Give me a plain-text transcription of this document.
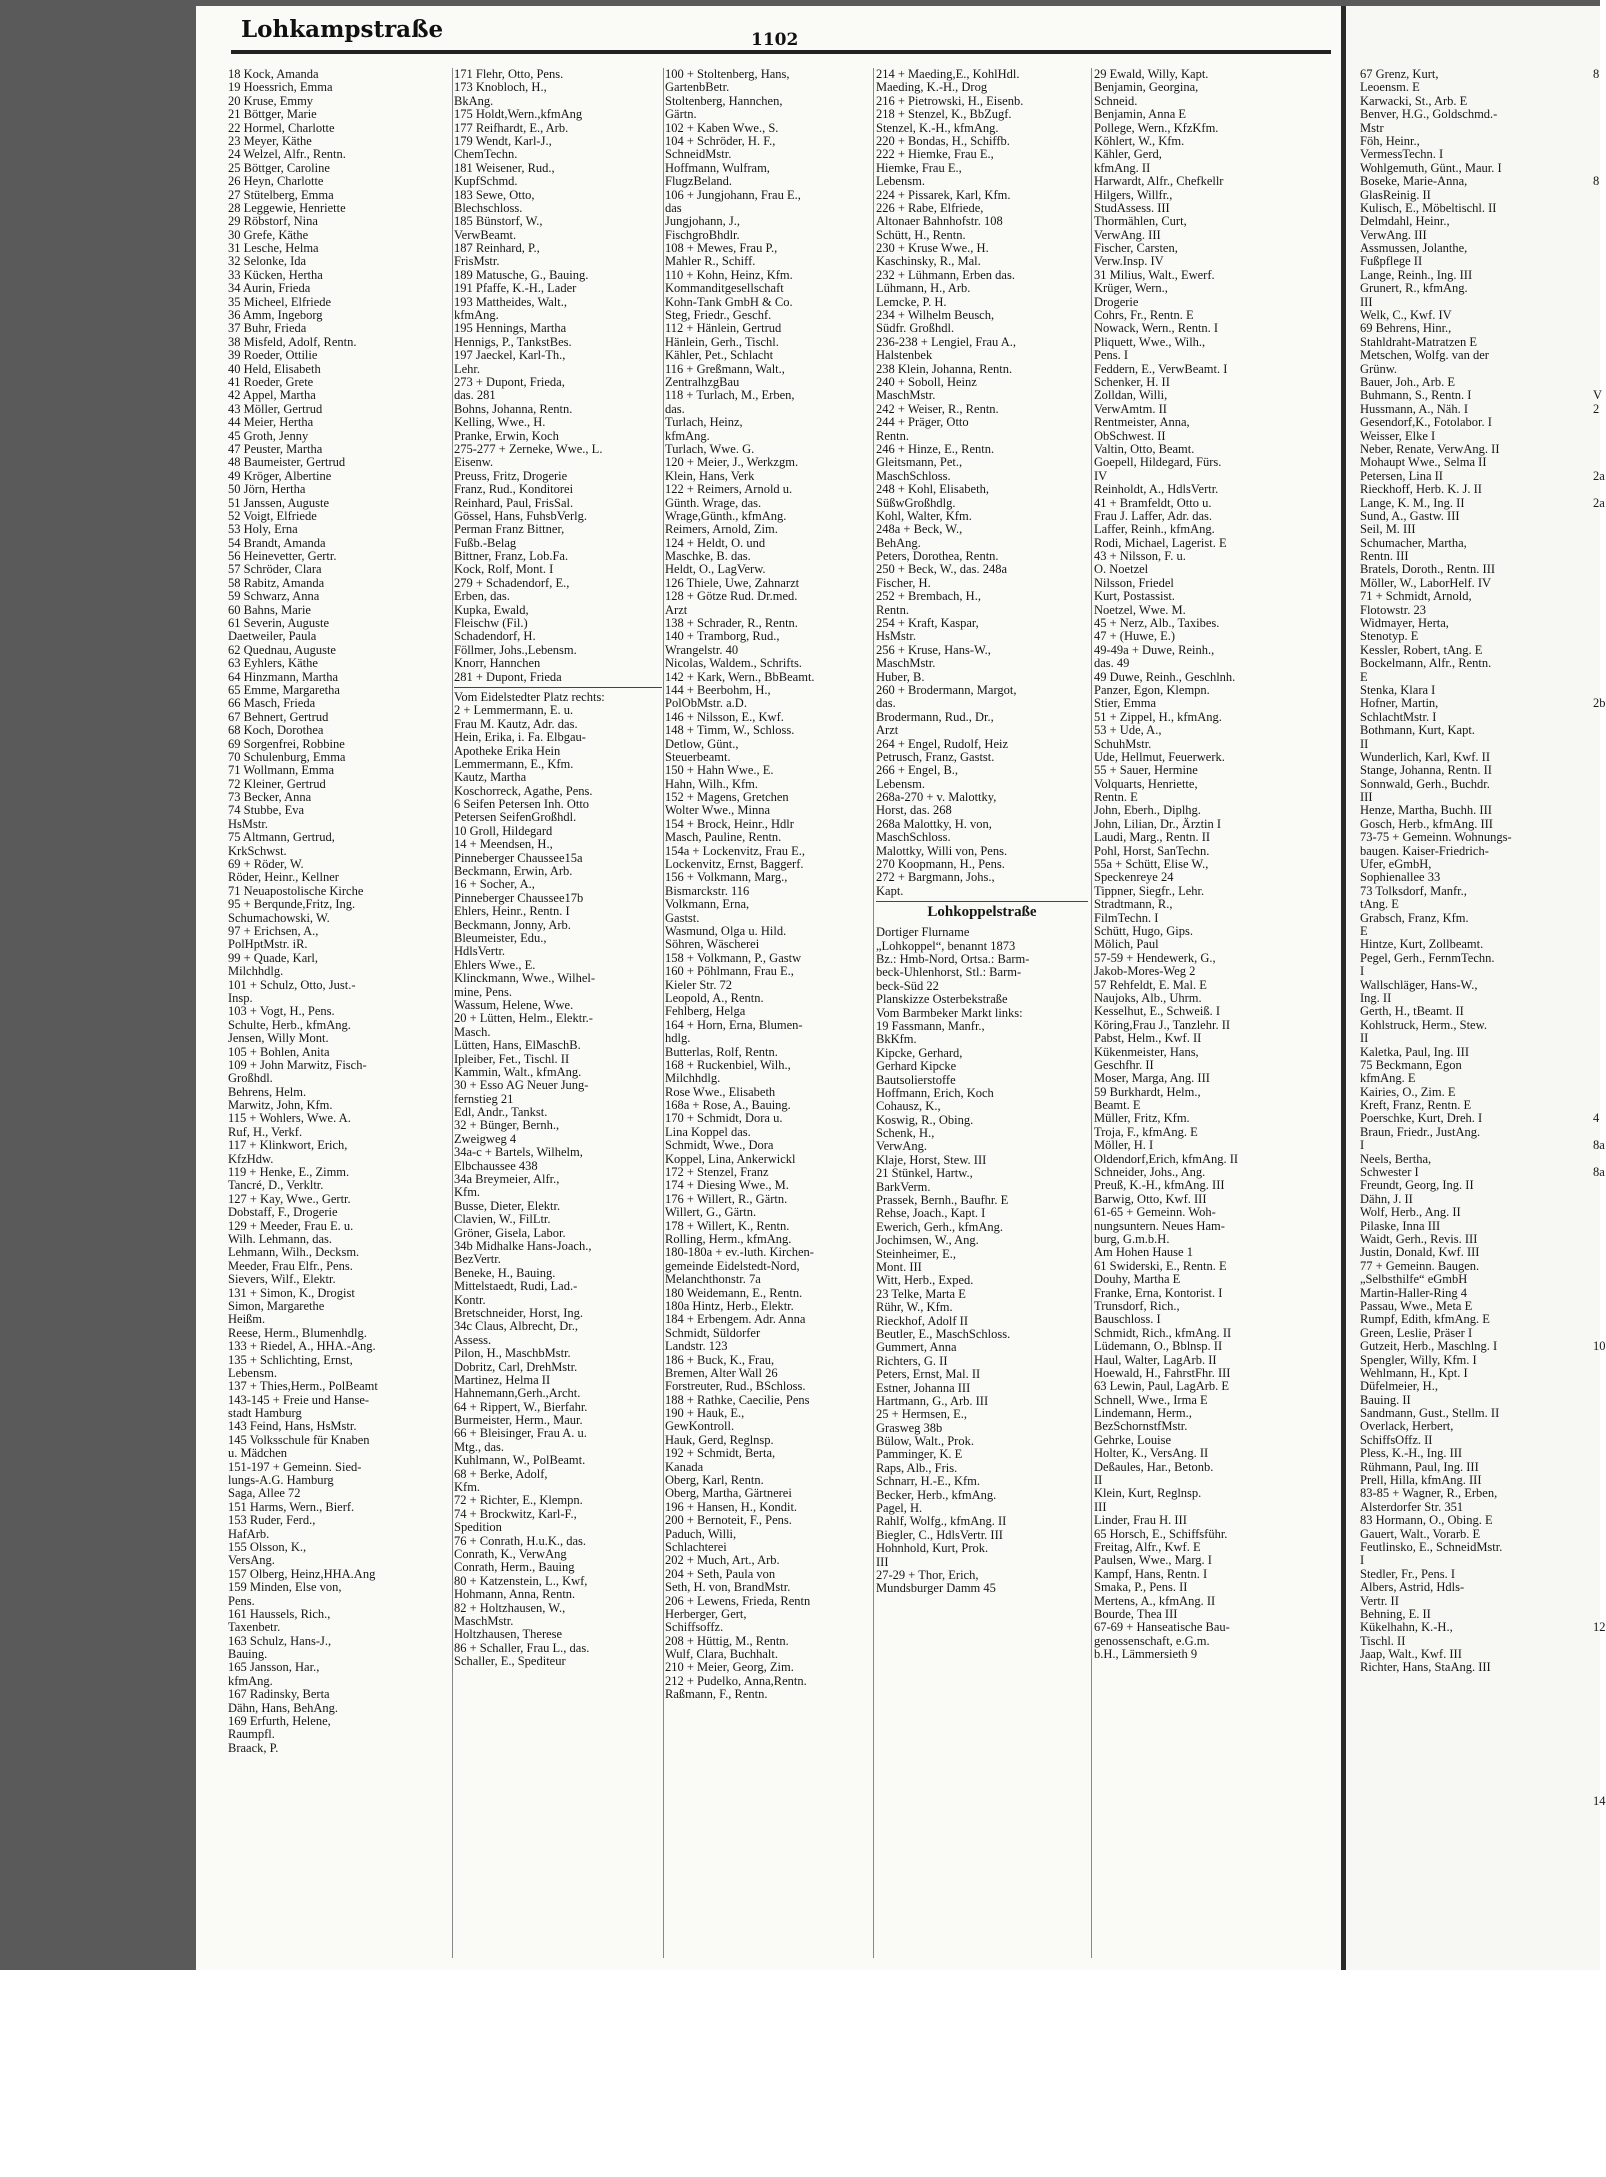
Lohkampstraße	1102
18 Kock, Amanda
19 Hoessrich, Emma
20 Kruse, Emmy
21 Böttger, Marie
22 Hormel, Charlotte
23 Meyer, Käthe
24 Welzel, Alfr., Rentn.
25 Böttger, Caroline
26 Heyn, Charlotte
27 Stütelberg, Emma
28 Leggewie, Henriette
29 Röbstorf, Nina
30 Grefe, Käthe
31 Lesche, Helma
32 Selonke, Ida
33 Kücken, Hertha
34 Aurin, Frieda
35 Micheel, Elfriede
36 Amm, Ingeborg
37 Buhr, Frieda
38 Misfeld, Adolf, Rentn.
39 Roeder, Ottilie
40 Held, Elisabeth
41 Roeder, Grete
42 Appel, Martha
43 Möller, Gertrud
44 Meier, Hertha
45 Groth, Jenny
47 Peuster, Martha
48 Baumeister, Gertrud
49 Kröger, Albertine
50 Jörn, Hertha
51 Janssen, Auguste
52 Voigt, Elfriede
53 Holy, Erna
54 Brandt, Amanda
56 Heinevetter, Gertr.
57 Schröder, Clara
58 Rabitz, Amanda
59 Schwarz, Anna
60 Bahns, Marie
61 Severin, Auguste
Daetweiler, Paula
62 Quednau, Auguste
63 Eyhlers, Käthe
64 Hinzmann, Martha
65 Emme, Margaretha
66 Masch, Frieda
67 Behnert, Gertrud
68 Koch, Dorothea
69 Sorgenfrei, Robbine
70 Schulenburg, Emma
71 Wollmann, Emma
72 Kleiner, Gertrud
73 Becker, Anna
74 Stubbe, Eva
HsMstr.
75 Altmann, Gertrud,
KrkSchwst.
69 + Röder, W.
Röder, Heinr., Kellner
71 Neuapostolische Kirche
95 + Berqunde,Fritz, Ing.
Schumachowski, W.
97 + Erichsen, A.,
PolHptMstr. iR.
99 + Quade, Karl,
Milchhdlg.
101 + Schulz, Otto, Just.-
Insp.
103 + Vogt, H., Pens.
Schulte, Herb., kfmAng.
Jensen, Willy Mont.
105 + Bohlen, Anita
109 + John Marwitz, Fisch-
Großhdl.
Behrens, Helm.
Marwitz, John, Kfm.
115 + Wohlers, Wwe. A.
Ruf, H., Verkf.
117 + Klinkwort, Erich,
KfzHdw.
119 + Henke, E., Zimm.
Tancré, D., Verkltr.
127 + Kay, Wwe., Gertr.
Dobstaff, F., Drogerie
129 + Meeder, Frau E. u.
Wilh. Lehmann, das.
Lehmann, Wilh., Decksm.
Meeder, Frau Elfr., Pens.
Sievers, Wilf., Elektr.
131 + Simon, K., Drogist
Simon, Margarethe
Heißm.
Reese, Herm., Blumenhdlg.
133 + Riedel, A., HHA.-Ang.
135 + Schlichting, Ernst,
Lebensm.
137 + Thies,Herm., PolBeamt
143-145 + Freie und Hanse-
stadt Hamburg
143 Feind, Hans, HsMstr.
145 Volksschule für Knaben
u. Mädchen
151-197 + Gemeinn. Sied-
lungs-A.G. Hamburg
Saga, Allee 72
151 Harms, Wern., Bierf.
153 Ruder, Ferd.,
HafArb.
155 Olsson, K.,
VersAng.
157 Olberg, Heinz,HHA.Ang
159 Minden, Else von,
Pens.
161 Haussels, Rich.,
Taxenbetr.
163 Schulz, Hans-J.,
Bauing.
165 Jansson, Har.,
kfmAng.
167 Radinsky, Berta
Dähn, Hans, BehAng.
169 Erfurth, Helene,
Raumpfl.
Braack, P.
171 Flehr, Otto, Pens.
173 Knobloch, H.,
BkAng.
175 Holdt,Wern.,kfmAng
177 Reifhardt, E., Arb.
179 Wendt, Karl-J.,
ChemTechn.
181 Weisener, Rud.,
KupfSchmd.
183 Sewe, Otto,
Blechschloss.
185 Bünstorf, W.,
VerwBeamt.
187 Reinhard, P.,
FrisMstr.
189 Matusche, G., Bauing.
191 Pfaffe, K.-H., Lader
193 Mattheides, Walt.,
kfmAng.
195 Hennings, Martha
Hennigs, P., TankstBes.
197 Jaeckel, Karl-Th.,
Lehr.
273 + Dupont, Frieda,
das. 281
Bohns, Johanna, Rentn.
Kelling, Wwe., H.
Pranke, Erwin, Koch
275-277 + Zerneke, Wwe., L.
Eisenw.
Preuss, Fritz, Drogerie
Franz, Rud., Konditorei
Reinhard, Paul, FrisSal.
Gössel, Hans, FuhsbVerlg.
Perman Franz Bittner,
Fußb.-Belag
Bittner, Franz, Lob.Fa.
Kock, Rolf, Mont. I
279 + Schadendorf, E.,
Erben, das.
Kupka, Ewald,
Fleischw (Fil.)
Schadendorf, H.
Föllmer, Johs.,Lebensm.
Knorr, Hannchen
281 + Dupont, Frieda
Vom Eidelstedter Platz rechts:
2 + Lemmermann, E. u.
Frau M. Kautz, Adr. das.
Hein, Erika, i. Fa. Elbgau-
Apotheke Erika Hein
Lemmermann, E., Kfm.
Kautz, Martha
Koschorreck, Agathe, Pens.
6 Seifen Petersen Inh. Otto
Petersen SeifenGroßhdl.
10 Groll, Hildegard
14 + Meendsen, H.,
Pinneberger Chaussee15a
Beckmann, Erwin, Arb.
16 + Socher, A.,
Pinneberger Chaussee17b
Ehlers, Heinr., Rentn. I
Beckmann, Jonny, Arb.
Bleumeister, Edu.,
HdlsVertr.
Ehlers Wwe., E.
Klinckmann, Wwe., Wilhel-
mine, Pens.
Wassum, Helene, Wwe.
20 + Lütten, Helm., Elektr.-
Masch.
Lütten, Hans, ElMaschB.
Ipleiber, Fet., Tischl. II
Kammin, Walt., kfmAng.
30 + Esso AG Neuer Jung-
fernstieg 21
Edl, Andr., Tankst.
32 + Bünger, Bernh.,
Zweigweg 4
34a-c + Bartels, Wilhelm,
Elbchaussee 438
34a Breymeier, Alfr.,
Kfm.
Busse, Dieter, Elektr.
Clavien, W., FilLtr.
Gröner, Gisela, Labor.
34b Midhalke Hans-Joach.,
BezVertr.
Beneke, H., Bauing.
Mittelstaedt, Rudi, Lad.-
Kontr.
Bretschneider, Horst, Ing.
34c Claus, Albrecht, Dr.,
Assess.
Pilon, H., MaschbMstr.
Dobritz, Carl, DrehMstr.
Martinez, Helma II
Hahnemann,Gerh.,Archt.
64 + Rippert, W., Bierfahr.
Burmeister, Herm., Maur.
66 + Bleisinger, Frau A. u.
Mtg., das.
Kuhlmann, W., PolBeamt.
68 + Berke, Adolf,
Kfm.
72 + Richter, E., Klempn.
74 + Brockwitz, Karl-F.,
Spedition
76 + Conrath, H.u.K., das.
Conrath, K., VerwAng
Conrath, Herm., Bauing
80 + Katzenstein, L., Kwf,
Hohmann, Anna, Rentn.
82 + Holtzhausen, W.,
MaschMstr.
Holtzhausen, Therese
86 + Schaller, Frau L., das.
Schaller, E., Spediteur
100 + Stoltenberg, Hans,
GartenbBetr.
Stoltenberg, Hannchen,
Gärtn.
102 + Kaben Wwe., S.
104 + Schröder, H. F.,
SchneidMstr.
Hoffmann, Wulfram,
FlugzBeland.
106 + Jungjohann, Frau E.,
das
Jungjohann, J.,
FischgroBhdlr.
108 + Mewes, Frau P.,
Mahler R., Schiff.
110 + Kohn, Heinz, Kfm.
Kommanditgesellschaft
Kohn-Tank GmbH & Co.
Steg, Friedr., Geschf.
112 + Hänlein, Gertrud
Hänlein, Gerh., Tischl.
Kähler, Pet., Schlacht
116 + Greßmann, Walt.,
ZentralhzgBau
118 + Turlach, M., Erben,
das.
Turlach, Heinz,
kfmAng.
Turlach, Wwe. G.
120 + Meier, J., Werkzgm.
Klein, Hans, Verk
122 + Reimers, Arnold u.
Günth. Wrage, das.
Wrage,Günth., kfmAng.
Reimers, Arnold, Zim.
124 + Heldt, O. und
Maschke, B. das.
Heldt, O., LagVerw.
126 Thiele, Uwe, Zahnarzt
128 + Götze Rud. Dr.med.
Arzt
138 + Schrader, R., Rentn.
140 + Tramborg, Rud.,
Wrangelstr. 40
Nicolas, Waldem., Schrifts.
142 + Kark, Wern., BbBeamt.
144 + Beerbohm, H.,
PolObMstr. a.D.
146 + Nilsson, E., Kwf.
148 + Timm, W., Schloss.
Detlow, Günt.,
Steuerbeamt.
150 + Hahn Wwe., E.
Hahn, Wilh., Kfm.
152 + Magens, Gretchen
Wolter Wwe., Minna
154 + Brock, Heinr., Hdlr
Masch, Pauline, Rentn.
154a + Lockenvitz, Frau E.,
Lockenvitz, Ernst, Baggerf.
156 + Volkmann, Marg.,
Bismarckstr. 116
Volkmann, Erna,
Gastst.
Wasmund, Olga u. Hild.
Söhren, Wäscherei
158 + Volkmann, P., Gastw
160 + Pöhlmann, Frau E.,
Kieler Str. 72
Leopold, A., Rentn.
Fehlberg, Helga
164 + Horn, Erna, Blumen-
hdlg.
Butterlas, Rolf, Rentn.
168 + Ruckenbiel, Wilh.,
Milchhdlg.
Rose Wwe., Elisabeth
168a + Rose, A., Bauing.
170 + Schmidt, Dora u.
Lina Koppel das.
Schmidt, Wwe., Dora
Koppel, Lina, Ankerwickl
172 + Stenzel, Franz
174 + Diesing Wwe., M.
176 + Willert, R., Gärtn.
Willert, G., Gärtn.
178 + Willert, K., Rentn.
Rolling, Herm., kfmAng.
180-180a + ev.-luth. Kirchen-
gemeinde Eidelstedt-Nord,
Melanchthonstr. 7a
180 Weidemann, E., Rentn.
180a Hintz, Herb., Elektr.
184 + Erbengem. Adr. Anna
Schmidt, Süldorfer
Landstr. 123
186 + Buck, K., Frau,
Bremen, Alter Wall 26
Forstreuter, Rud., BSchloss.
188 + Rathke, Caecilie, Pens
190 + Hauk, E.,
GewKontroll.
Hauk, Gerd, Reglnsp.
192 + Schmidt, Berta,
Kanada
Oberg, Karl, Rentn.
Oberg, Martha, Gärtnerei
196 + Hansen, H., Kondit.
200 + Bernoteit, F., Pens.
Paduch, Willi,
Schlachterei
202 + Much, Art., Arb.
204 + Seth, Paula von
Seth, H. von, BrandMstr.
206 + Lewens, Frieda, Rentn
Herberger, Gert,
Schiffsoffz.
208 + Hüttig, M., Rentn.
Wulf, Clara, Buchhalt.
210 + Meier, Georg, Zim.
212 + Pudelko, Anna,Rentn.
Raßmann, F., Rentn.
214 + Maeding,E., KohlHdl.
Maeding, K.-H., Drog
216 + Pietrowski, H., Eisenb.
218 + Stenzel, K., BbZugf.
Stenzel, K.-H., kfmAng.
220 + Bondas, H., Schiffb.
222 + Hiemke, Frau E.,
Hiemke, Frau E.,
Lebensm.
224 + Pissarek, Karl, Kfm.
226 + Rabe, Elfriede,
Altonaer Bahnhofstr. 108
Schütt, H., Rentn.
230 + Kruse Wwe., H.
Kaschinsky, R., Mal.
232 + Lühmann, Erben das.
Lühmann, H., Arb.
Lemcke, P. H.
234 + Wilhelm Beusch,
Südfr. Großhdl.
236-238 + Lengiel, Frau A.,
Halstenbek
238 Klein, Johanna, Rentn.
240 + Soboll, Heinz
MaschMstr.
242 + Weiser, R., Rentn.
244 + Präger, Otto
Rentn.
246 + Hinze, E., Rentn.
Gleitsmann, Pet.,
MaschSchloss.
248 + Kohl, Elisabeth,
SüßwGroßhdlg.
Kohl, Walter, Kfm.
248a + Beck, W.,
BehAng.
Peters, Dorothea, Rentn.
250 + Beck, W., das. 248a
Fischer, H.
252 + Brembach, H.,
Rentn.
254 + Kraft, Kaspar,
HsMstr.
256 + Kruse, Hans-W.,
MaschMstr.
Huber, B.
260 + Brodermann, Margot,
das.
Brodermann, Rud., Dr.,
Arzt
264 + Engel, Rudolf, Heiz
Petrusch, Franz, Gastst.
266 + Engel, B.,
Lebensm.
268a-270 + v. Malottky,
Horst, das. 268
268a Malottky, H. von,
MaschSchloss.
Malottky, Willi von, Pens.
270 Koopmann, H., Pens.
272 + Bargmann, Johs.,
Kapt.
Lohkoppelstraße
Dortiger Flurname
„Lohkoppel“, benannt 1873
Bz.: Hmb-Nord, Ortsa.: Barm-
beck-Uhlenhorst, Stl.: Barm-
beck-Süd 22
Planskizze Osterbekstraße
Vom Barmbeker Markt links:
19 Fassmann, Manfr.,
BkKfm.
Kipcke, Gerhard,
Gerhard Kipcke
Bautsolierstoffe
Hoffmann, Erich, Koch
Cohausz, K.,
Koswig, R., Obing.
Schenk, H.,
VerwAng.
Klaje, Horst, Stew. III
21 Stünkel, Hartw.,
BarkVerm.
Prassek, Bernh., Baufhr. E
Rehse, Joach., Kapt. I
Ewerich, Gerh., kfmAng.
Jochimsen, W., Ang.
Steinheimer, E.,
Mont. III
Witt, Herb., Exped.
23 Telke, Marta E
Rühr, W., Kfm.
Rieckhof, Adolf II
Beutler, E., MaschSchloss.
Gummert, Anna
Richters, G. II
Peters, Ernst, Mal. II
Estner, Johanna III
Hartmann, G., Arb. III
25 + Hermsen, E.,
Grasweg 38b
Bülow, Walt., Prok.
Pamminger, K. E
Raps, Alb., Fris.
Schnarr, H.-E., Kfm.
Becker, Herb., kfmAng.
Pagel, H.
Rahlf, Wolfg., kfmAng. II
Biegler, C., HdlsVertr. III
Hohnhold, Kurt, Prok.
III
27-29 + Thor, Erich,
Mundsburger Damm 45
29 Ewald, Willy, Kapt.
Benjamin, Georgina,
Schneid.
Benjamin, Anna E
Pollege, Wern., KfzKfm.
Köhlert, W., Kfm.
Kähler, Gerd,
kfmAng. II
Harwardt, Alfr., Chefkellr
Hilgers, Willfr.,
StudAssess. III
Thormählen, Curt,
VerwAng. III
Fischer, Carsten,
Verw.Insp. IV
31 Milius, Walt., Ewerf.
Krüger, Wern.,
Drogerie
Cohrs, Fr., Rentn. E
Nowack, Wern., Rentn. I
Pliquett, Wwe., Wilh.,
Pens. I
Feddern, E., VerwBeamt. I
Schenker, H. II
Zolldan, Willi,
VerwAmtm. II
Rentmeister, Anna,
ObSchwest. II
Valtin, Otto, Beamt.
Goepell, Hildegard, Fürs.
IV
Reinholdt, A., HdlsVertr.
41 + Bramfeldt, Otto u.
Frau J. Laffer, Adr. das.
Laffer, Reinh., kfmAng.
Rodi, Michael, Lagerist. E
43 + Nilsson, F. u.
O. Noetzel
Nilsson, Friedel
Kurt, Postassist.
Noetzel, Wwe. M.
45 + Nerz, Alb., Taxibes.
47 + (Huwe, E.)
49-49a + Duwe, Reinh.,
das. 49
49 Duwe, Reinh., Geschlnh.
Panzer, Egon, Klempn.
Stier, Emma
51 + Zippel, H., kfmAng.
53 + Ude, A.,
SchuhMstr.
Ude, Hellmut, Feuerwerk.
55 + Sauer, Hermine
Volquarts, Henriette,
Rentn. E
John, Eberh., Diplhg.
John, Lilian, Dr., Ärztin I
Laudi, Marg., Rentn. II
Pohl, Horst, SanTechn.
55a + Schütt, Elise W.,
Speckenreye 24
Tippner, Siegfr., Lehr.
Stradtmann, R.,
FilmTechn. I
Schütt, Hugo, Gips.
Mölich, Paul
57-59 + Hendewerk, G.,
Jakob-Mores-Weg 2
57 Rehfeldt, E. Mal. E
Naujoks, Alb., Uhrm.
Kesselhut, E., Schweiß. I
Köring,Frau J., Tanzlehr. II
Pabst, Helm., Kwf. II
Kükenmeister, Hans,
Geschfhr. II
Moser, Marga, Ang. III
59 Burkhardt, Helm.,
Beamt. E
Müller, Fritz, Kfm.
Troja, F., kfmAng. E
Möller, H. I
Oldendorf,Erich, kfmAng. II
Schneider, Johs., Ang.
Preuß, K.-H., kfmAng. III
Barwig, Otto, Kwf. III
61-65 + Gemeinn. Woh-
nungsuntern. Neues Ham-
burg, G.m.b.H.
Am Hohen Hause 1
61 Swiderski, E., Rentn. E
Douhy, Martha E
Franke, Erna, Kontorist. I
Trunsdorf, Rich.,
Bauschloss. I
Schmidt, Rich., kfmAng. II
Lüdemann, O., Bblnsp. II
Haul, Walter, LagArb. II
Hoewald, H., FahrstFhr. III
63 Lewin, Paul, LagArb. E
Schnell, Wwe., Irma E
Lindemann, Herm.,
BezSchornstfMstr.
Gehrke, Louise
Holter, K., VersAng. II
Deßaules, Har., Betonb.
II
Klein, Kurt, Reglnsp.
III
Linder, Frau H. III
65 Horsch, E., Schiffsführ.
Freitag, Alfr., Kwf. E
Paulsen, Wwe., Marg. I
Kampf, Hans, Rentn. I
Smaka, P., Pens. II
Mertens, A., kfmAng. II
Bourde, Thea III
67-69 + Hanseatische Bau-
genossenschaft, e.G.m.
b.H., Lämmersieth 9
67 Grenz, Kurt,
Leoensm. E
Karwacki, St., Arb. E
Benver, H.G., Goldschmd.-
Mstr
Föh, Heinr.,
VermessTechn. I
Wohlgemuth, Günt., Maur. I
Boseke, Marie-Anna,
GlasReinig. II
Kulisch, E., Möbeltischl. II
Delmdahl, Heinr.,
VerwAng. III
Assmussen, Jolanthe,
Fußpflege II
Lange, Reinh., Ing. III
Grunert, R., kfmAng.
III
Welk, C., Kwf. IV
69 Behrens, Hinr.,
Stahldraht-Matratzen E
Metschen, Wolfg. van der
Grünw.
Bauer, Joh., Arb. E
Buhmann, S., Rentn. I
Hussmann, A., Näh. I
Gesendorf,K., Fotolabor. I
Weisser, Elke I
Neber, Renate, VerwAng. II
Mohaupt Wwe., Selma II
Petersen, Lina II
Rieckhoff, Herb. K. J. II
Lange, K. M., Ing. II
Sund, A., Gastw. III
Seil, M. III
Schumacher, Martha,
Rentn. III
Bratels, Doroth., Rentn. III
Möller, W., LaborHelf. IV
71 + Schmidt, Arnold,
Flotowstr. 23
Widmayer, Herta,
Stenotyp. E
Kessler, Robert, tAng. E
Bockelmann, Alfr., Rentn.
E
Stenka, Klara I
Hofner, Martin,
SchlachtMstr. I
Bothmann, Kurt, Kapt.
II
Wunderlich, Karl, Kwf. II
Stange, Johanna, Rentn. II
Sonnwald, Gerh., Buchdr.
III
Henze, Martha, Buchh. III
Gosch, Herb., kfmAng. III
73-75 + Gemeinn. Wohnungs-
baugen. Kaiser-Friedrich-
Ufer, eGmbH,
Sophienallee 33
73 Tolksdorf, Manfr.,
tAng. E
Grabsch, Franz, Kfm.
E
Hintze, Kurt, Zollbeamt.
Pegel, Gerh., FernmTechn.
I
Wallschläger, Hans-W.,
Ing. II
Gerth, H., tBeamt. II
Kohlstruck, Herm., Stew.
II
Kaletka, Paul, Ing. III
75 Beckmann, Egon
kfmAng. E
Kairies, O., Zim. E
Kreft, Franz, Rentn. E
Poerschke, Kurt, Dreh. I
Braun, Friedr., JustAng.
I
Neels, Bertha,
Schwester I
Freundt, Georg, Ing. II
Dähn, J. II
Wolf, Herb., Ang. II
Pilaske, Inna III
Waidt, Gerh., Revis. III
Justin, Donald, Kwf. III
77 + Gemeinn. Baugen.
„Selbsthilfe“ eGmbH
Martin-Haller-Ring 4
Passau, Wwe., Meta E
Rumpf, Edith, kfmAng. E
Green, Leslie, Präser I
Gutzeit, Herb., Maschlng. I
Spengler, Willy, Kfm. I
Wehlmann, H., Kpt. I
Düfelmeier, H.,
Bauing. II
Sandmann, Gust., Stellm. II
Overlack, Herbert,
SchiffsOffz. II
Pless, K.-H., Ing. III
Rühmann, Paul, Ing. III
Prell, Hilla, kfmAng. III
83-85 + Wagner, R., Erben,
Alsterdorfer Str. 351
83 Hormann, O., Obing. E
Gauert, Walt., Vorarb. E
Feutlinsko, E., SchneidMstr.
I
Stedler, Fr., Pens. I
Albers, Astrid, Hdls-
Vertr. II
Behning, E. II
Kükelhahn, K.-H.,
Tischl. II
Jaap, Walt., Kwf. III
Richter, Hans, StaAng. III
8
8
V
2
2a
2a
2b
4
8a
8a
10
12
14
